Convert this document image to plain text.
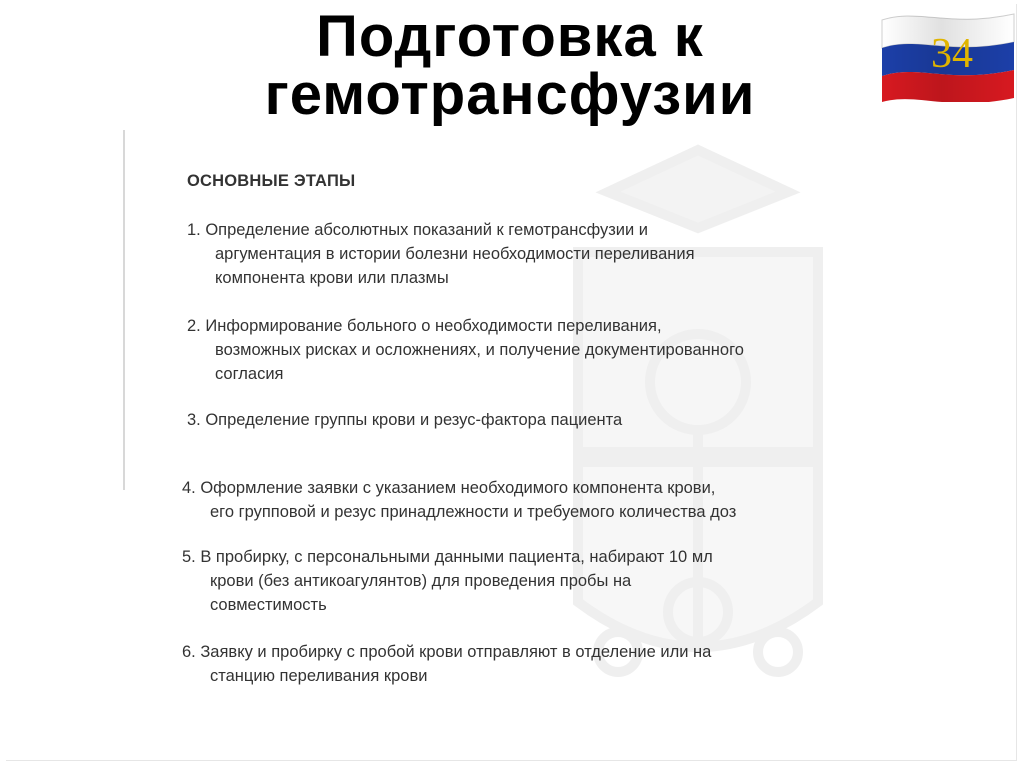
Подготовка к
гемотрансфузии
34
ОСНОВНЫЕ ЭТАПЫ
1. Определение абсолютных показаний к гемотрансфузии и
аргументация в истории болезни необходимости переливания
компонента крови или плазмы
2. Информирование больного о необходимости переливания,
возможных рисках и осложнениях, и получение документированного
согласия
3. Определение группы крови и резус-фактора пациента
4. Оформление заявки с указанием необходимого компонента крови,
его групповой и резус принадлежности и требуемого количества доз
5. В пробирку, с персональными данными пациента, набирают 10 мл
крови (без антикоагулянтов) для проведения пробы на
совместимость
6. Заявку и пробирку с пробой крови отправляют в отделение или на
станцию переливания крови
